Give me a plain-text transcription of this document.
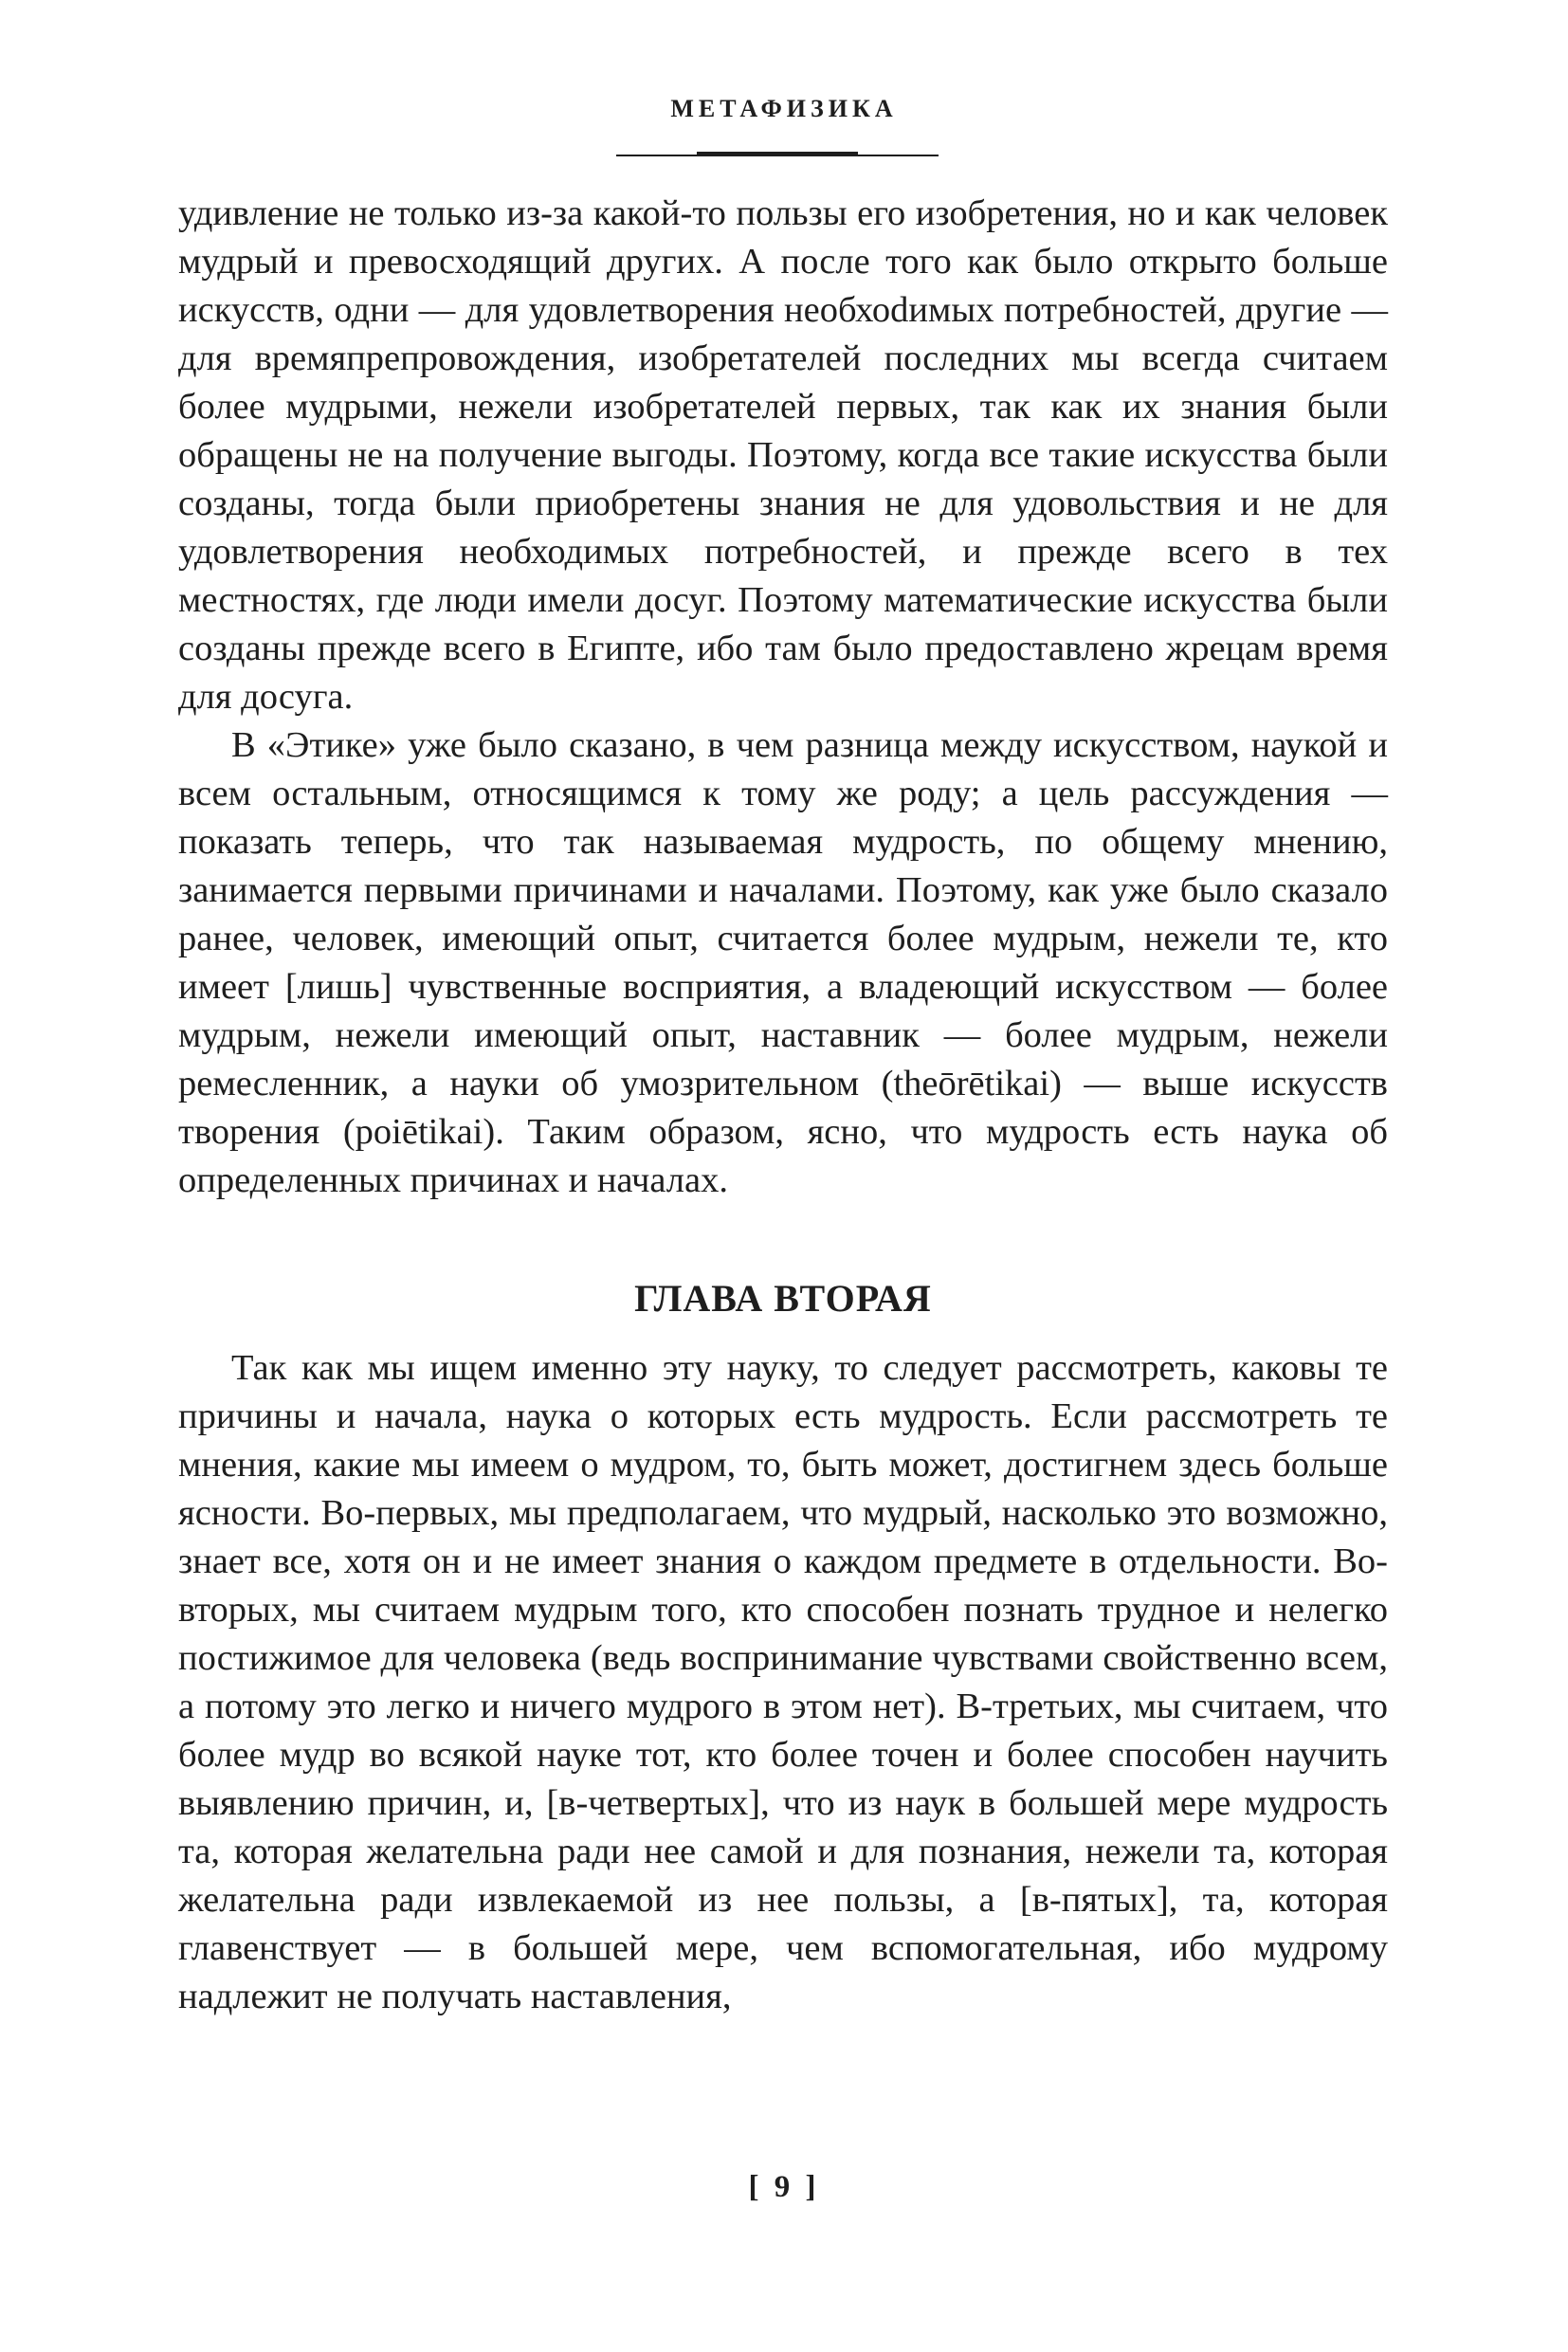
МЕТАФИЗИКА

удивление не только из-за какой-то пользы его изобретения, но и как человек мудрый и превосходящий других. А после того как было открыто больше искусств, одни — для удовлетворения необхоdимых потребностей, другие — для времяпрепровождения, изобретателей последних мы всегда считаем более мудрыми, нежели изобретателей первых, так как их знания были обращены не на получение выгоды. Поэтому, когда все такие искусства были созданы, тогда были приобретены знания не для удовольствия и не для удовлетворения необходимых потребностей, и прежде всего в тех местностях, где люди имели досуг. Поэтому математические искусства были созданы прежде всего в Египте, ибо там было предоставлено жрецам время для досуга.

В «Этике» уже было сказано, в чем разница между искусством, наукой и всем остальным, относящимся к тому же роду; а цель рассуждения — показать теперь, что так называемая мудрость, по общему мнению, занимается первыми причинами и началами. Поэтому, как уже было сказало ранее, человек, имеющий опыт, считается более мудрым, нежели те, кто имеет [лишь] чувственные восприятия, а владеющий искусством — более мудрым, нежели имеющий опыт, наставник — более мудрым, нежели ремесленник, а науки об умозрительном (theōrētikai) — выше искусств творения (poiētikai). Таким образом, ясно, что мудрость есть наука об определенных причинах и началах.

ГЛАВА ВТОРАЯ

Так как мы ищем именно эту науку, то следует рассмотреть, каковы те причины и начала, наука о которых есть мудрость. Если рассмотреть те мнения, какие мы имеем о мудром, то, быть может, достигнем здесь больше ясности. Во-первых, мы предполагаем, что мудрый, насколько это возможно, знает все, хотя он и не имеет знания о каждом предмете в отдельности. Во-вторых, мы считаем мудрым того, кто способен познать трудное и нелегко постижимое для человека (ведь воспринимание чувствами свойственно всем, а потому это легко и ничего мудрого в этом нет). В-третьих, мы считаем, что более мудр во всякой науке тот, кто более точен и более способен научить выявлению причин, и, [в-четвертых], что из наук в большей мере мудрость та, которая желательна ради нее самой и для познания, нежели та, которая желательна ради извлекаемой из нее пользы, а [в-пятых], та, которая главенствует — в большей мере, чем вспомогательная, ибо мудрому надлежит не получать наставления,

[ 9 ]
